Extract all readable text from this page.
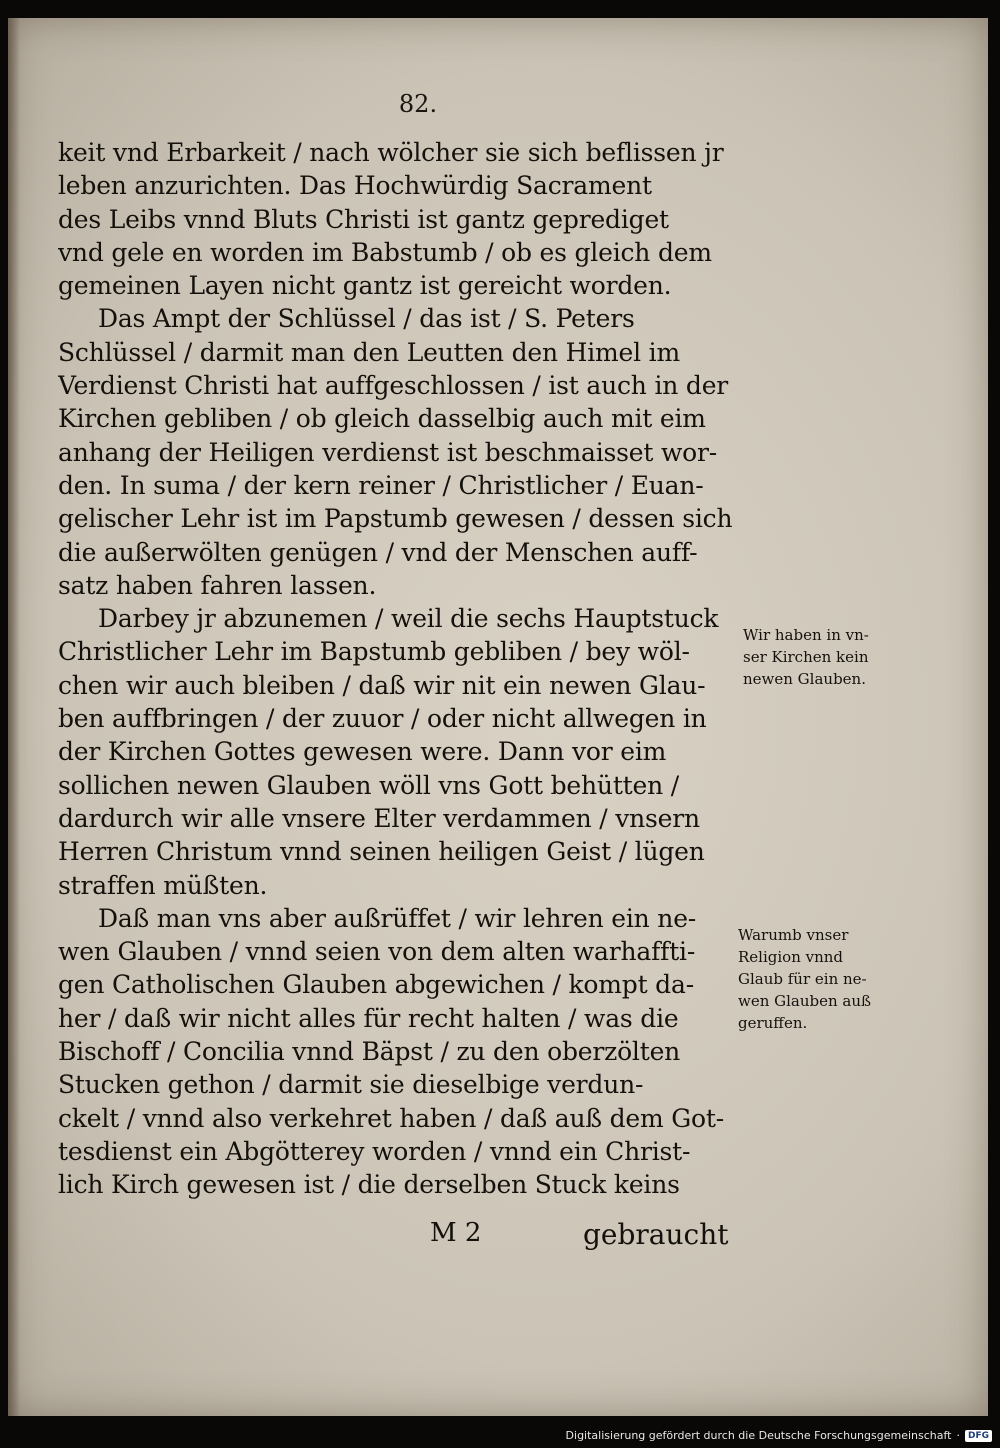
82.
keit vnd Erbarkeit / nach wölcher sie sich beflissen jr
leben anzurichten. Das Hochwürdig Sacrament
des Leibs vnnd Bluts Christi ist gantz geprediget
vnd gele en worden im Babstumb / ob es gleich dem
gemeinen Layen nicht gantz ist gereicht worden.
Das Ampt der Schlüssel / das ist / S. Peters
Schlüssel / darmit man den Leutten den Himel im
Verdienst Christi hat auffgeschlossen / ist auch in der
Kirchen gebliben / ob gleich dasselbig auch mit eim
anhang der Heiligen verdienst ist beschmaisset wor-
den. In suma / der kern reiner / Christlicher / Euan-
gelischer Lehr ist im Papstumb gewesen / dessen sich
die außerwölten genügen / vnd der Menschen auff-
satz haben fahren lassen.
Darbey jr abzunemen / weil die sechs Hauptstuck
Christlicher Lehr im Bapstumb gebliben / bey wöl-
chen wir auch bleiben / daß wir nit ein newen Glau-
ben auffbringen / der zuuor / oder nicht allwegen in
der Kirchen Gottes gewesen were. Dann vor eim
sollichen newen Glauben wöll vns Gott behütten /
dardurch wir alle vnsere Elter verdammen / vnsern
Herren Christum vnnd seinen heiligen Geist / lügen
straffen müßten.
Daß man vns aber außrüffet / wir lehren ein ne-
wen Glauben / vnnd seien von dem alten warhaffti-
gen Catholischen Glauben abgewichen / kompt da-
her / daß wir nicht alles für recht halten / was die
Bischoff / Concilia vnnd Bäpst / zu den oberzölten
Stucken gethon / darmit sie dieselbige verdun-
ckelt / vnnd also verkehret haben / daß auß dem Got-
tesdienst ein Abgötterey worden / vnnd ein Christ-
lich Kirch gewesen ist / die derselben Stuck keins
Wir haben in vn-
ser Kirchen kein
newen Glauben.
Warumb vnser
Religion vnnd
Glaub für ein ne-
wen Glauben auß
geruffen.
M 2	gebraucht
Digitalisierung gefördert durch die Deutsche Forschungsgemeinschaft · DFG
